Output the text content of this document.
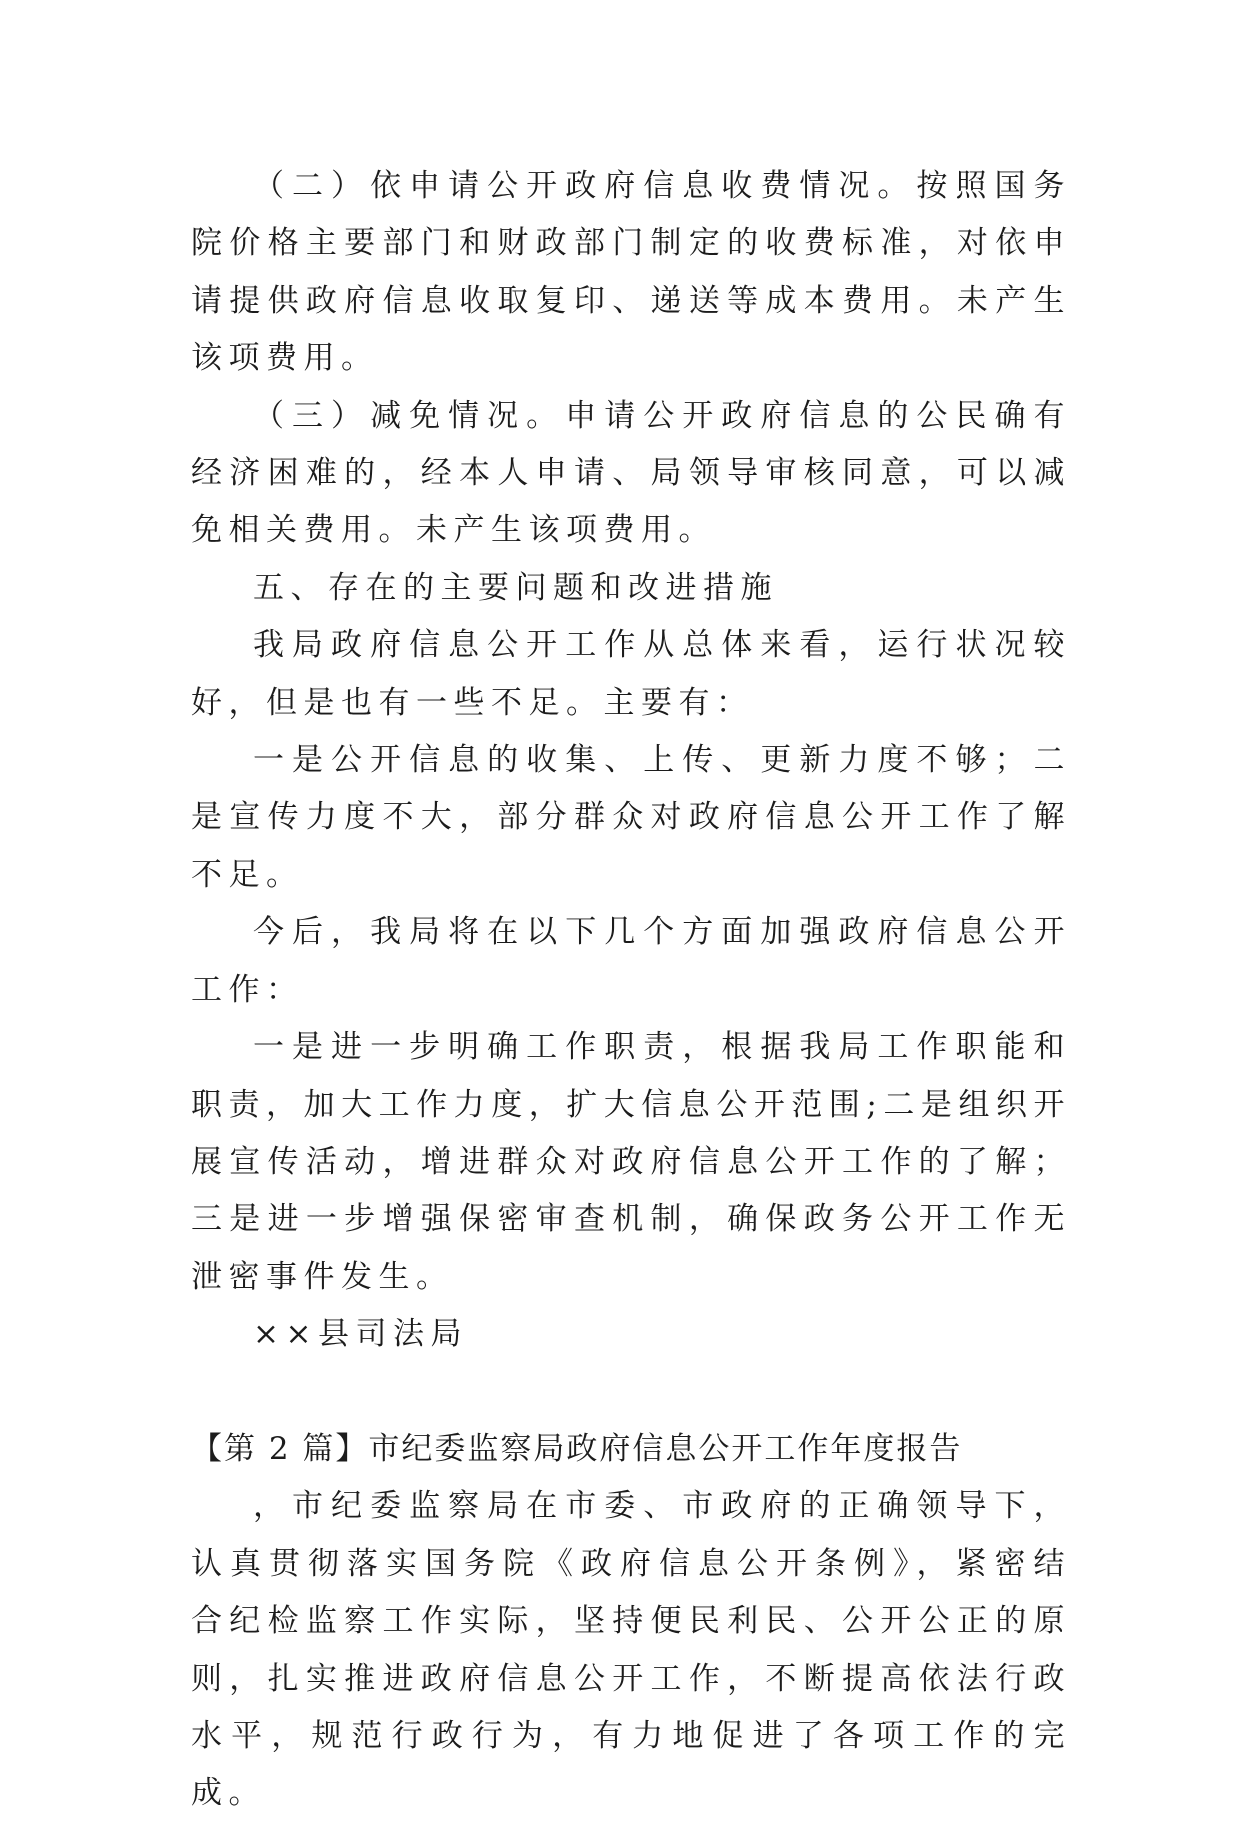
（二）依申请公开政府信息收费情况。按照国务院价格主要部门和财政部门制定的收费标准，对依申请提供政府信息收取复印、递送等成本费用。未产生该项费用。

（三）减免情况。申请公开政府信息的公民确有经济困难的，经本人申请、局领导审核同意，可以减免相关费用。未产生该项费用。

五、存在的主要问题和改进措施

我局政府信息公开工作从总体来看，运行状况较好，但是也有一些不足。主要有：

一是公开信息的收集、上传、更新力度不够；二是宣传力度不大，部分群众对政府信息公开工作了解不足。

今后，我局将在以下几个方面加强政府信息公开工作：

一是进一步明确工作职责，根据我局工作职能和职责，加大工作力度，扩大信息公开范围;二是组织开展宣传活动，增进群众对政府信息公开工作的了解；三是进一步增强保密审查机制，确保政务公开工作无泄密事件发生。

××县司法局

【第 2 篇】市纪委监察局政府信息公开工作年度报告

，市纪委监察局在市委、市政府的正确领导下，认真贯彻落实国务院《政府信息公开条例》，紧密结合纪检监察工作实际，坚持便民利民、公开公正的原则，扎实推进政府信息公开工作，不断提高依法行政水平，规范行政行为，有力地促进了各项工作的完成。
